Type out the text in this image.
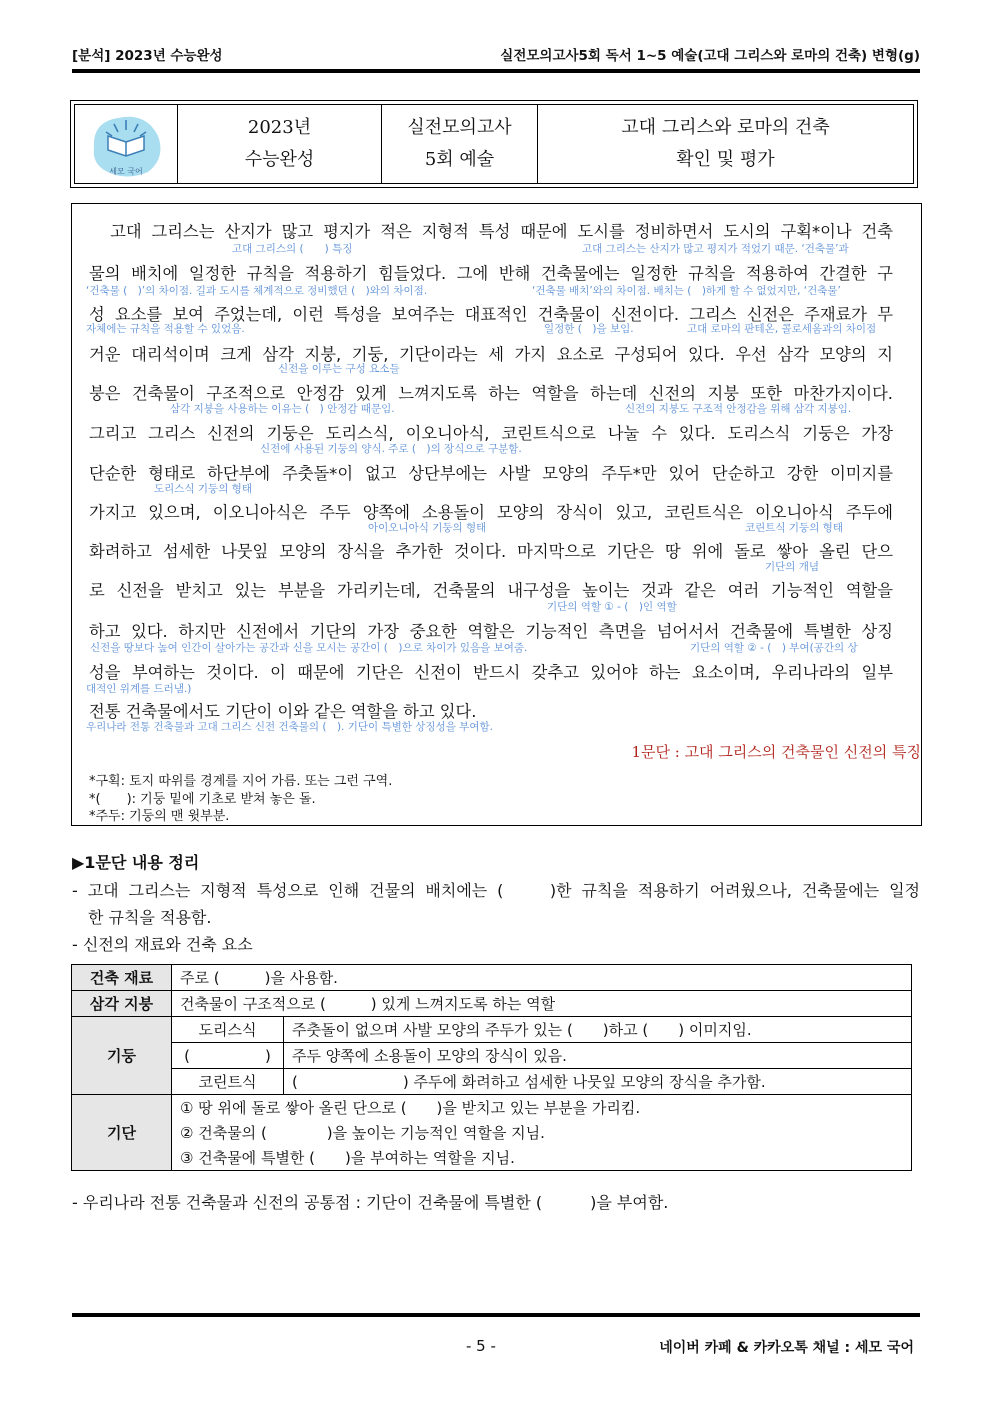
[분석] 2023년 수능완성	실전모의고사5회 독서 1~5 예술(고대 그리스와 로마의 건축) 변형(g)
세모 국어
2023년
수능완성
실전모의고사
5회 예술
고대 그리스와 로마의 건축
확인 및 평가
　고대 그리스는 산지가 많고 평지가 적은 지형적 특성 때문에 도시를 정비하면서 도시의 구획*이나 건축
고대 그리스의 (　　) 특징	고대 그리스는 산지가 많고 평지가 적었기 때문. ‘건축물’과
물의 배치에 일정한 규칙을 적용하기 힘들었다. 그에 반해 건축물에는 일정한 규칙을 적용하여 간결한 구
‘건축물 (　)’의 차이점. 길과 도시를 체계적으로 정비했던 (　)와의 차이점.	‘건축물 배치’와의 차이점. 배치는 (　)하게 할 수 없었지만, ‘건축물’
성 요소를 보여 주었는데, 이런 특성을 보여주는 대표적인 건축물이 신전이다. 그리스 신전은 주재료가 무
자체에는 규칙을 적용할 수 있었음.	일정한 (　)을 보임.	고대 로마의 판테온, 콜로세움과의 차이점
거운 대리석이며 크게 삼각 지붕, 기둥, 기단이라는 세 가지 요소로 구성되어 있다. 우선 삼각 모양의 지
신전을 이루는 구성 요소들
붕은 건축물이 구조적으로 안정감 있게 느껴지도록 하는 역할을 하는데 신전의 지붕 또한 마찬가지이다.
삼각 지붕을 사용하는 이유는 (　) 안정감 때문임.	신전의 지붕도 구조적 안정감을 위해 삼각 지붕임.
그리고 그리스 신전의 기둥은 도리스식, 이오니아식, 코린트식으로 나눌 수 있다. 도리스식 기둥은 가장
신전에 사용된 기둥의 양식. 주로 (　)의 장식으로 구분함.
단순한 형태로 하단부에 주춧돌*이 없고 상단부에는 사발 모양의 주두*만 있어 단순하고 강한 이미지를
도리스식 기둥의 형태
가지고 있으며, 이오니아식은 주두 양쪽에 소용돌이 모양의 장식이 있고, 코린트식은 이오니아식 주두에
아이오니아식 기둥의 형태	코린트식 기둥의 형태
화려하고 섬세한 나뭇잎 모양의 장식을 추가한 것이다. 마지막으로 기단은 땅 위에 돌로 쌓아 올린 단으
기단의 개념
로 신전을 받치고 있는 부분을 가리키는데, 건축물의 내구성을 높이는 것과 같은 여러 기능적인 역할을
기단의 역할 ① - (　)인 역할
하고 있다. 하지만 신전에서 기단의 가장 중요한 역할은 기능적인 측면을 넘어서서 건축물에 특별한 상징
신전을 땅보다 높여 인간이 살아가는 공간과 신을 모시는 공간이 (　)으로 차이가 있음을 보여줌.	기단의 역할 ② - (　) 부여(공간의 상
성을 부여하는 것이다. 이 때문에 기단은 신전이 반드시 갖추고 있어야 하는 요소이며, 우리나라의 일부
대적인 위계를 드러냄.)
전통 건축물에서도 기단이 이와 같은 역할을 하고 있다.
우리나라 전통 건축물과 고대 그리스 신전 건축물의 (　). 기단이 특별한 상징성을 부여함.
1문단 : 고대 그리스의 건축물인 신전의 특징
*구획: 토지 따위를 경계를 지어 가름. 또는 그런 구역.
*(　　): 기둥 밑에 기초로 받쳐 놓은 돌.
*주두: 기둥의 맨 윗부분.
▶1문단 내용 정리
- 고대 그리스는 지형적 특성으로 인해 건물의 배치에는 (　　)한 규칙을 적용하기 어려웠으나, 건축물에는 일정
한 규칙을 적용함.
- 신전의 재료와 건축 요소
건축 재료	주로 (　　　)을 사용함.	
삼각 지붕	건축물이 구조적으로 (　　　) 있게 느껴지도록 하는 역할	
기둥	도리스식	주춧돌이 없으며 사발 모양의 주두가 있는 (　　)하고 (　　) 이미지임.
	(　　　　　)	주두 양쪽에 소용돌이 모양의 장식이 있음.
	코린트식	(　　　　　　　) 주두에 화려하고 섬세한 나뭇잎 모양의 장식을 추가함.
기단	① 땅 위에 돌로 쌓아 올린 단으로 (　　)을 받치고 있는 부분을 가리킴.	
	② 건축물의 (　　　　)을 높이는 기능적인 역할을 지님.	
	③ 건축물에 특별한 (　　)을 부여하는 역할을 지님.	
- 우리나라 전통 건축물과 신전의 공통점 : 기단이 건축물에 특별한 (　　　)을 부여함.
- 5 -	네이버 카페 & 카카오톡 채널 : 세모 국어
